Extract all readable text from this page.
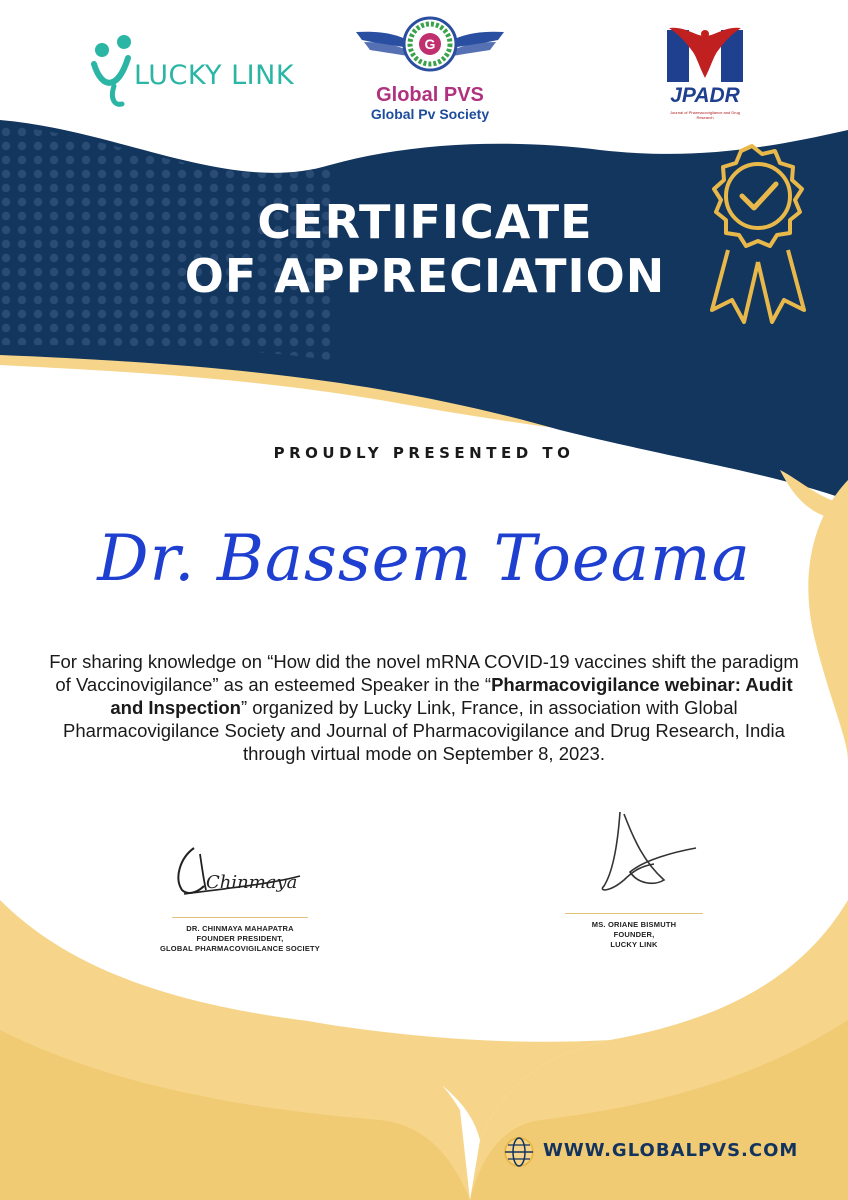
LUCKY LINK
G
Global PVS
Global Pv Society
JPADR
Journal of Pharmacovigilance and Drug Research
CERTIFICATE
OF APPRECIATION
PROUDLY PRESENTED TO
Dr. Bassem Toeama
For sharing knowledge on “How did the novel mRNA COVID-19 vaccines shift the paradigm of Vaccinovigilance” as an esteemed Speaker in the “Pharmacovigilance webinar: Audit and Inspection” organized by Lucky Link, France, in association with Global Pharmacovigilance Society and Journal of Pharmacovigilance and Drug Research, India through virtual mode on September 8, 2023.
Chinmaya
DR. CHINMAYA MAHAPATRA
FOUNDER PRESIDENT,
GLOBAL PHARMACOVIGILANCE SOCIETY
MS. ORIANE BISMUTH
FOUNDER,
LUCKY LINK
WWW.GLOBALPVS.COM
